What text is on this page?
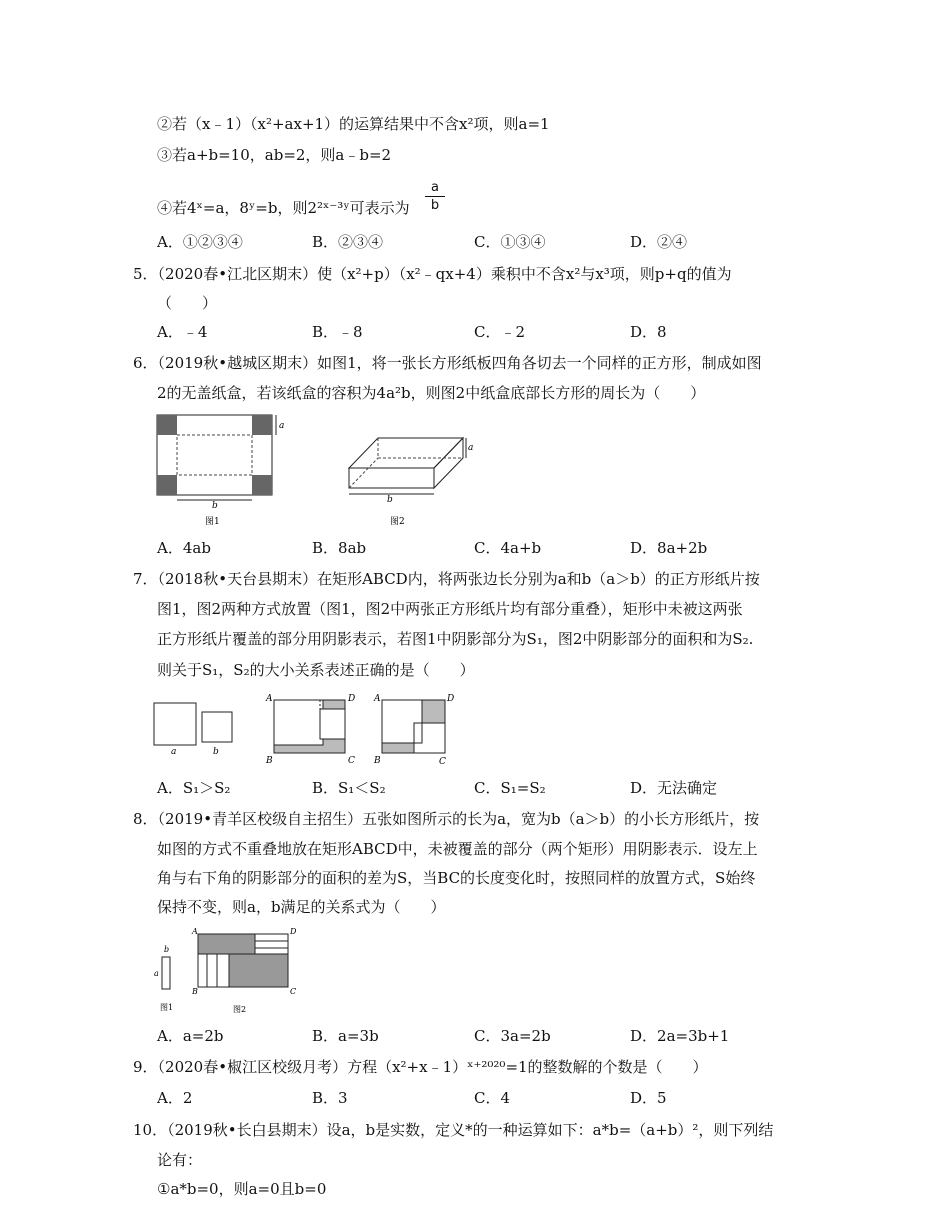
②若（x﹣1）（x²+ax+1）的运算结果中不含x²项，则a=1
③若a+b=10，ab=2，则a﹣b=2
④若4ˣ=a，8ʸ=b，则2²ˣ⁻³ʸ可表示为
a
b
A．①②③④	B．②③④	C．①③④	D．②④
5．（2020春•江北区期末）使（x²+p）（x²﹣qx+4）乘积中不含x²与x³项，则p+q的值为
（　　）
A．﹣4	B．﹣8	C．﹣2	D．8
6．（2019秋•越城区期末）如图1，将一张长方形纸板四角各切去一个同样的正方形，制成如图
2的无盖纸盒，若该纸盒的容积为4a²b，则图2中纸盒底部长方形的周长为（　　）
a
b
图1
a
b
图2
A．4ab	B．8ab	C．4a+b	D．8a+2b
7．（2018秋•天台县期末）在矩形ABCD内，将两张边长分别为a和b（a＞b）的正方形纸片按
图1，图2两种方式放置（图1，图2中两张正方形纸片均有部分重叠），矩形中未被这两张
正方形纸片覆盖的部分用阴影表示，若图1中阴影部分为S₁，图2中阴影部分的面积和为S₂.
则关于S₁，S₂的大小关系表述正确的是（　　）
a	b
A	D
B	C
A	D
B	C
A．S₁＞S₂	B．S₁＜S₂	C．S₁=S₂	D．无法确定
8．（2019•青羊区校级自主招生）五张如图所示的长为a，宽为b（a＞b）的小长方形纸片，按
如图的方式不重叠地放在矩形ABCD中，未被覆盖的部分（两个矩形）用阴影表示．设左上
角与右下角的阴影部分的面积的差为S，当BC的长度变化时，按照同样的放置方式，S始终
保持不变，则a，b满足的关系式为（　　）
b
a
图1
A	D
B	C
图2
A．a=2b	B．a=3b	C．3a=2b	D．2a=3b+1
9．（2020春•椒江区校级月考）方程（x²+x﹣1）ˣ⁺²⁰²⁰=1的整数解的个数是（　　）
A．2	B．3	C．4	D．5
10．（2019秋•长白县期末）设a，b是实数，定义*的一种运算如下：a*b=（a+b）²，则下列结
论有：
①a*b=0，则a=0且b=0
